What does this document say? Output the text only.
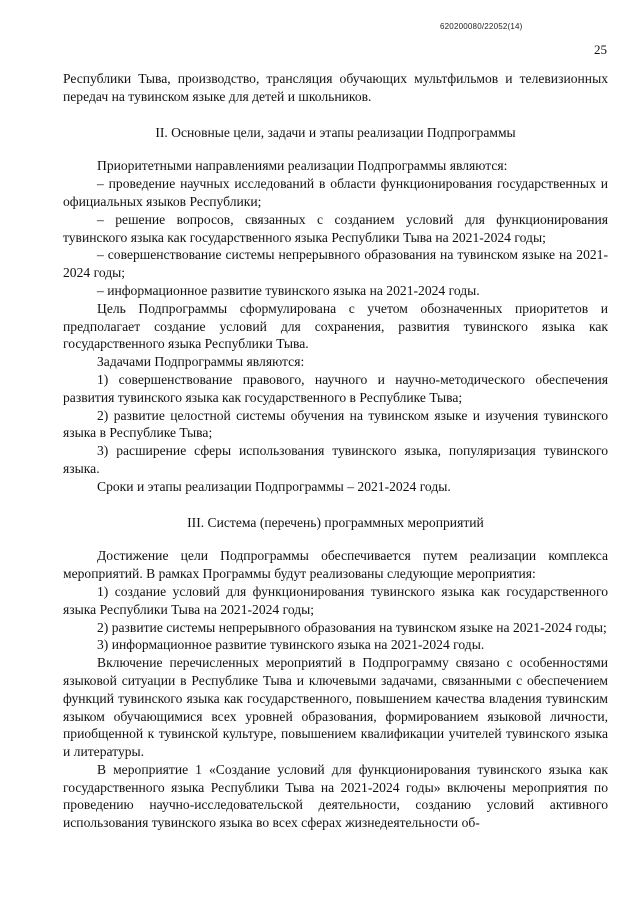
620200080/22052(14)
25

Республики Тыва, производство, трансляция обучающих мультфильмов и телевизионных передач на тувинском языке для детей и школьников.

II. Основные цели, задачи и этапы реализации Подпрограммы

Приоритетными направлениями реализации Подпрограммы являются:

– проведение научных исследований в области функционирования государственных и официальных языков Республики;

– решение вопросов, связанных с созданием условий для функционирования тувинского языка как государственного языка Республики Тыва на 2021-2024 годы;

– совершенствование системы непрерывного образования на тувинском языке на 2021-2024 годы;

– информационное развитие тувинского языка на 2021-2024 годы.

Цель Подпрограммы сформулирована с учетом обозначенных приоритетов и предполагает создание условий для сохранения, развития тувинского языка как государственного языка Республики Тыва.

Задачами Подпрограммы являются:

1) совершенствование правового, научного и научно-методического обеспечения развития тувинского языка как государственного в Республике Тыва;

2) развитие целостной системы обучения на тувинском языке и изучения тувинского языка в Республике Тыва;

3) расширение сферы использования тувинского языка, популяризация тувинского языка.

Сроки и этапы реализации Подпрограммы – 2021-2024 годы.

III. Система (перечень) программных мероприятий

Достижение цели Подпрограммы обеспечивается путем реализации комплекса мероприятий. В рамках Программы будут реализованы следующие мероприятия:

1) создание условий для функционирования тувинского языка как государственного языка Республики Тыва на 2021-2024 годы;

2) развитие системы непрерывного образования на тувинском языке на 2021-2024 годы;

3) информационное развитие тувинского языка на 2021-2024 годы.

Включение перечисленных мероприятий в Подпрограмму связано с особенностями языковой ситуации в Республике Тыва и ключевыми задачами, связанными с обеспечением функций тувинского языка как государственного, повышением качества владения тувинским языком обучающимися всех уровней образования, формированием языковой личности, приобщенной к тувинской культуре, повышением квалификации учителей тувинского языка и литературы.

В мероприятие 1 «Создание условий для функционирования тувинского языка как государственного языка Республики Тыва на 2021-2024 годы» включены мероприятия по проведению научно-исследовательской деятельности, созданию условий активного использования тувинского языка во всех сферах жизнедеятельности об-
